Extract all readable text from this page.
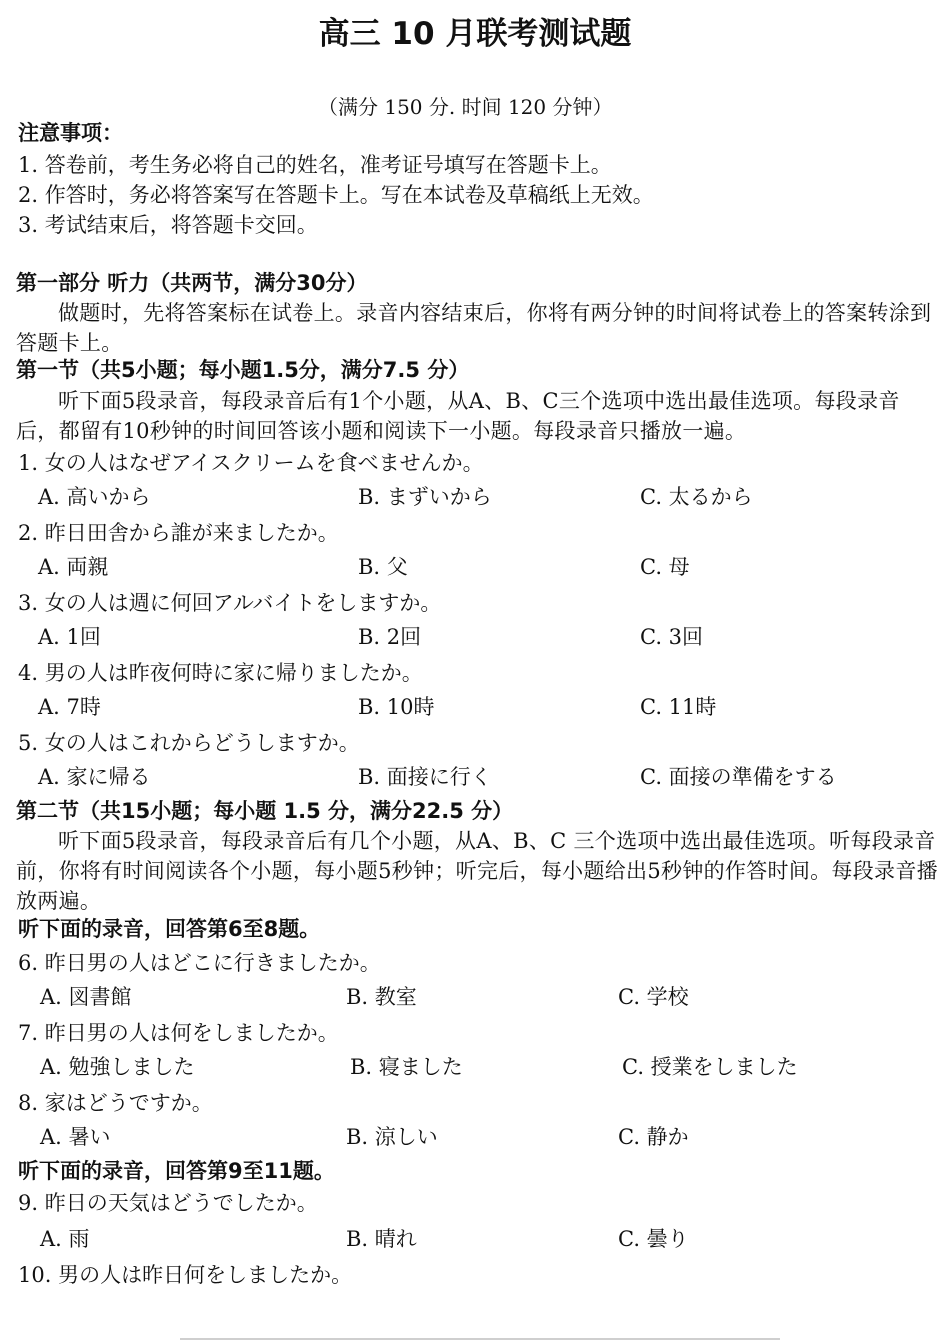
高三 10 月联考测试题
（满分 150 分. 时间 120 分钟）
注意事项：
1. 答卷前，考生务必将自己的姓名，准考证号填写在答题卡上。
2. 作答时，务必将答案写在答题卡上。写在本试卷及草稿纸上无效。
3. 考试结束后，将答题卡交回。
第一部分 听力（共两节，满分30分）
做题时，先将答案标在试卷上。录音内容结束后，你将有两分钟的时间将试卷上的答案转涂到答题卡上。
第一节（共5小题；每小题1.5分，满分7.5 分）
听下面5段录音，每段录音后有1个小题，从A、B、C三个选项中选出最佳选项。每段录音后，都留有10秒钟的时间回答该小题和阅读下一小题。每段录音只播放一遍。
1. 女の人はなぜアイスクリームを食べませんか。
A. 高いから	B. まずいから	C. 太るから
2. 昨日田舎から誰が来ましたか。
A. 両親	B. 父	C. 母
3. 女の人は週に何回アルバイトをしますか。
A. 1回	B. 2回	C. 3回
4. 男の人は昨夜何時に家に帰りましたか。
A. 7時	B. 10時	C. 11時
5. 女の人はこれからどうしますか。
A. 家に帰る	B. 面接に行く	C. 面接の準備をする
第二节（共15小题；每小题 1.5 分，满分22.5 分）
听下面5段录音，每段录音后有几个小题，从A、B、C 三个选项中选出最佳选项。听每段录音前，你将有时间阅读各个小题，每小题5秒钟；听完后，每小题给出5秒钟的作答时间。每段录音播放两遍。
听下面的录音，回答第6至8题。
6. 昨日男の人はどこに行きましたか。
A. 図書館	B. 教室	C. 学校
7. 昨日男の人は何をしましたか。
A. 勉強しました	B. 寝ました	C. 授業をしました
8. 家はどうですか。
A. 暑い	B. 涼しい	C. 静か
听下面的录音，回答第9至11题。
9. 昨日の天気はどうでしたか。
A. 雨	B. 晴れ	C. 曇り
10. 男の人は昨日何をしましたか。
